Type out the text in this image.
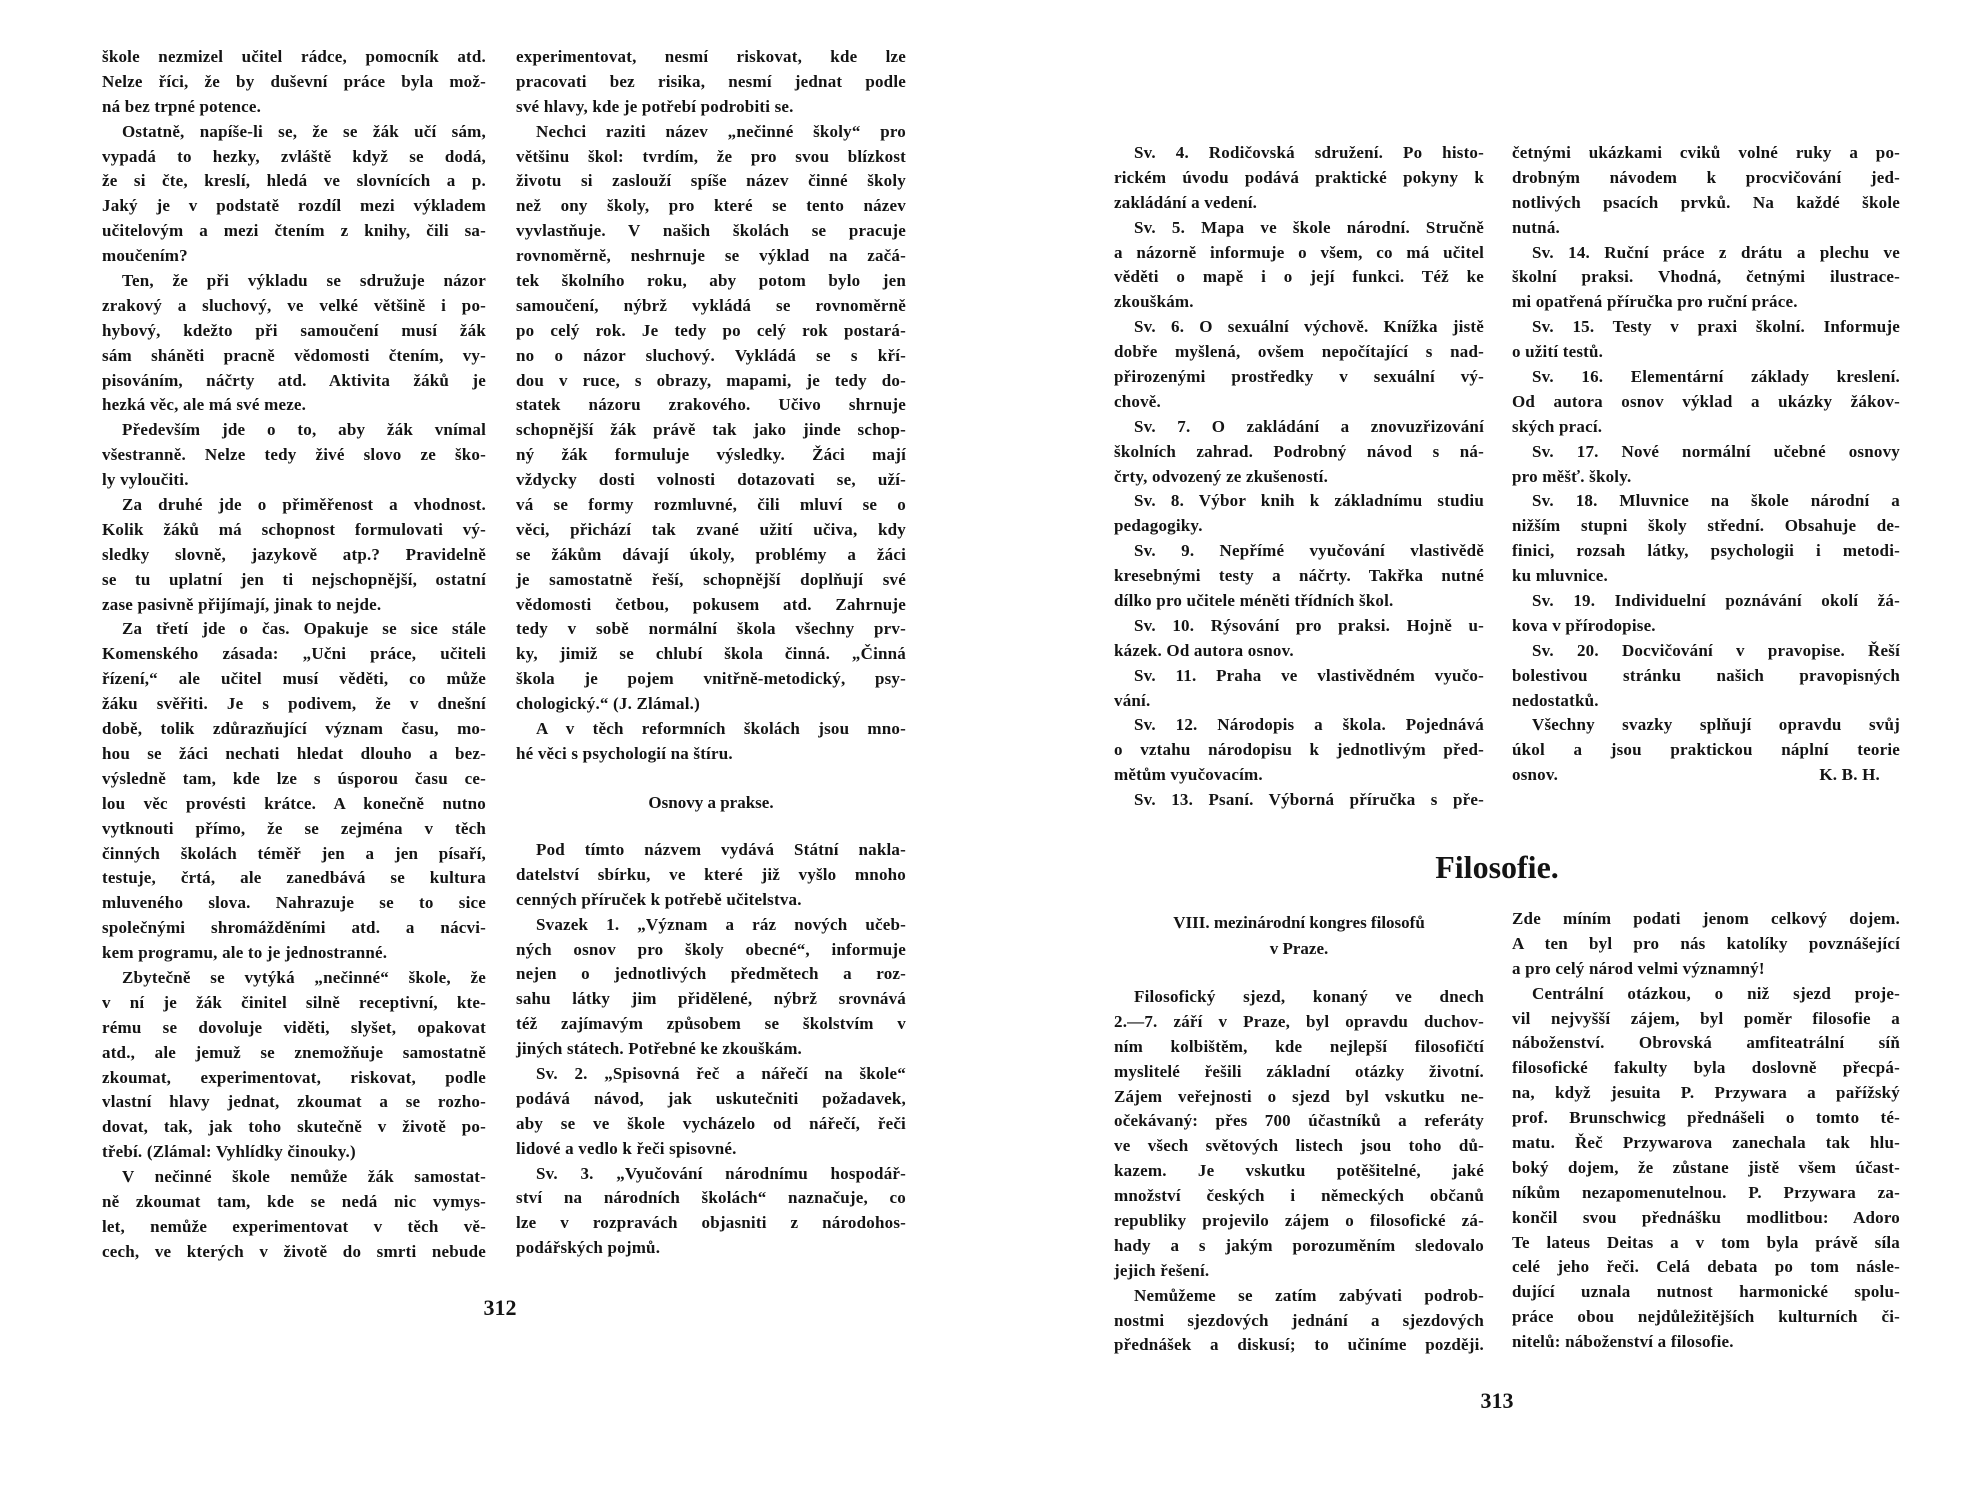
škole nezmizel učitel rádce, pomocník atd.
Nelze říci, že by duševní práce byla mož-
ná bez trpné potence.
Ostatně, napíše-li se, že se žák učí sám,
vypadá to hezky, zvláště když se dodá,
že si čte, kreslí, hledá ve slovnících a p.
Jaký je v podstatě rozdíl mezi výkladem
učitelovým a mezi čtením z knihy, čili sa-
moučením?
Ten, že při výkladu se sdružuje názor
zrakový a sluchový, ve velké většině i po-
hybový, kdežto při samoučení musí žák
sám sháněti pracně vědomosti čtením, vy-
pisováním, náčrty atd. Aktivita žáků je
hezká věc, ale má své meze.
Především jde o to, aby žák vnímal
všestranně. Nelze tedy živé slovo ze ško-
ly vyloučiti.
Za druhé jde o přiměřenost a vhodnost.
Kolik žáků má schopnost formulovati vý-
sledky slovně, jazykově atp.? Pravidelně
se tu uplatní jen ti nejschopnější, ostatní
zase pasivně přijímají, jinak to nejde.
Za třetí jde o čas. Opakuje se sice stále
Komenského zásada: „Učni práce, učiteli
řízení,“ ale učitel musí věděti, co může
žáku svěřiti. Je s podivem, že v dnešní
době, tolik zdůrazňující význam času, mo-
hou se žáci nechati hledat dlouho a bez-
výsledně tam, kde lze s úsporou času ce-
lou věc provésti krátce. A konečně nutno
vytknouti přímo, že se zejména v těch
činných školách téměř jen a jen písaří,
testuje, črtá, ale zanedbává se kultura
mluveného slova. Nahrazuje se to sice
společnými shromážděními atd. a nácvi-
kem programu, ale to je jednostranné.
Zbytečně se vytýká „nečinné“ škole, že
v ní je žák činitel silně receptivní, kte-
rému se dovoluje viděti, slyšet, opakovat
atd., ale jemuž se znemožňuje samostatně
zkoumat, experimentovat, riskovat, podle
vlastní hlavy jednat, zkoumat a se rozho-
dovat, tak, jak toho skutečně v životě po-
třebí. (Zlámal: Vyhlídky činouky.)
V nečinné škole nemůže žák samostat-
ně zkoumat tam, kde se nedá nic vymys-
let, nemůže experimentovat v těch vě-
cech, ve kterých v životě do smrti nebude
experimentovat, nesmí riskovat, kde lze
pracovati bez risika, nesmí jednat podle
své hlavy, kde je potřebí podrobiti se.
Nechci raziti název „nečinné školy“ pro
většinu škol: tvrdím, že pro svou blízkost
životu si zaslouží spíše název činné školy
než ony školy, pro které se tento název
vyvlastňuje. V našich školách se pracuje
rovnoměrně, neshrnuje se výklad na začá-
tek školního roku, aby potom bylo jen
samoučení, nýbrž vykládá se rovnoměrně
po celý rok. Je tedy po celý rok postará-
no o názor sluchový. Vykládá se s kří-
dou v ruce, s obrazy, mapami, je tedy do-
statek názoru zrakového. Učivo shrnuje
schopnější žák právě tak jako jinde schop-
ný žák formuluje výsledky. Žáci mají
vždycky dosti volnosti dotazovati se, uží-
vá se formy rozmluvné, čili mluví se o
věci, přichází tak zvané užití učiva, kdy
se žákům dávají úkoly, problémy a žáci
je samostatně řeší, schopnější doplňují své
vědomosti četbou, pokusem atd. Zahrnuje
tedy v sobě normální škola všechny prv-
ky, jimiž se chlubí škola činná. „Činná
škola je pojem vnitřně-metodický, psy-
chologický.“ (J. Zlámal.)
A v těch reformních školách jsou mno-
hé věci s psychologií na štíru.
Osnovy a prakse.
Pod tímto názvem vydává Státní nakla-
datelství sbírku, ve které již vyšlo mnoho
cenných příruček k potřebě učitelstva.
Svazek 1. „Význam a ráz nových učeb-
ných osnov pro školy obecné“, informuje
nejen o jednotlivých předmětech a roz-
sahu látky jim přidělené, nýbrž srovnává
též zajímavým způsobem se školstvím v
jiných státech. Potřebné ke zkouškám.
Sv. 2. „Spisovná řeč a nářečí na škole“
podává návod, jak uskutečniti požadavek,
aby se ve škole vycházelo od nářečí, řeči
lidové a vedlo k řeči spisovné.
Sv. 3. „Vyučování národnímu hospodář-
ství na národních školách“ naznačuje, co
lze v rozpravách objasniti z národohos-
podářských pojmů.
312
Sv. 4. Rodičovská sdružení. Po histo-
rickém úvodu podává praktické pokyny k
zakládání a vedení.
Sv. 5. Mapa ve škole národní. Stručně
a názorně informuje o všem, co má učitel
věděti o mapě i o její funkci. Též ke
zkouškám.
Sv. 6. O sexuální výchově. Knížka jistě
dobře myšlená, ovšem nepočítající s nad-
přirozenými prostředky v sexuální vý-
chově.
Sv. 7. O zakládání a znovuzřizování
školních zahrad. Podrobný návod s ná-
črty, odvozený ze zkušeností.
Sv. 8. Výbor knih k základnímu studiu
pedagogiky.
Sv. 9. Nepřímé vyučování vlastivědě
kresebnými testy a náčrty. Takřka nutné
dílko pro učitele méněti třídních škol.
Sv. 10. Rýsování pro praksi. Hojně u-
kázek. Od autora osnov.
Sv. 11. Praha ve vlastivědném vyučo-
vání.
Sv. 12. Národopis a škola. Pojednává
o vztahu národopisu k jednotlivým před-
mětům vyučovacím.
Sv. 13. Psaní. Výborná příručka s pře-
četnými ukázkami cviků volné ruky a po-
drobným návodem k procvičování jed-
notlivých psacích prvků. Na každé škole
nutná.
Sv. 14. Ruční práce z drátu a plechu ve
školní praksi. Vhodná, četnými ilustrace-
mi opatřená příručka pro ruční práce.
Sv. 15. Testy v praxi školní. Informuje
o užití testů.
Sv. 16. Elementární základy kreslení.
Od autora osnov výklad a ukázky žákov-
ských prací.
Sv. 17. Nové normální učebné osnovy
pro měšť. školy.
Sv. 18. Mluvnice na škole národní a
nižším stupni školy střední. Obsahuje de-
finici, rozsah látky, psychologii i metodi-
ku mluvnice.
Sv. 19. Individuelní poznávání okolí žá-
kova v přírodopise.
Sv. 20. Docvičování v pravopise. Řeší
bolestivou stránku našich pravopisných
nedostatků.
Všechny svazky splňují opravdu svůj
úkol a jsou praktickou náplní teorie
osnov.	K. B. H.
Filosofie.
VIII. mezinárodní kongres filosofů
v Praze.
Filosofický sjezd, konaný ve dnech
2.—7. září v Praze, byl opravdu duchov-
ním kolbištěm, kde nejlepší filosofičtí
myslitelé řešili základní otázky životní.
Zájem veřejnosti o sjezd byl vskutku ne-
očekávaný: přes 700 účastníků a referáty
ve všech světových listech jsou toho dů-
kazem. Je vskutku potěšitelné, jaké
množství českých i německých občanů
republiky projevilo zájem o filosofické zá-
hady a s jakým porozuměním sledovalo
jejich řešení.
Nemůžeme se zatím zabývati podrob-
nostmi sjezdových jednání a sjezdových
přednášek a diskusí; to učiníme později.
Zde míním podati jenom celkový dojem.
A ten byl pro nás katolíky povznášející
a pro celý národ velmi významný!
Centrální otázkou, o niž sjezd proje-
vil nejvyšší zájem, byl poměr filosofie a
náboženství. Obrovská amfiteatrální síň
filosofické fakulty byla doslovně přecpá-
na, když jesuita P. Przywara a pařížský
prof. Brunschwicg přednášeli o tomto té-
matu. Řeč Przywarova zanechala tak hlu-
boký dojem, že zůstane jistě všem účast-
níkům nezapomenutelnou. P. Przywara za-
končil svou přednášku modlitbou: Adoro
Te lateus Deitas a v tom byla právě síla
celé jeho řeči. Celá debata po tom násle-
dující uznala nutnost harmonické spolu-
práce obou nejdůležitějších kulturních či-
nitelů: náboženství a filosofie.
313
